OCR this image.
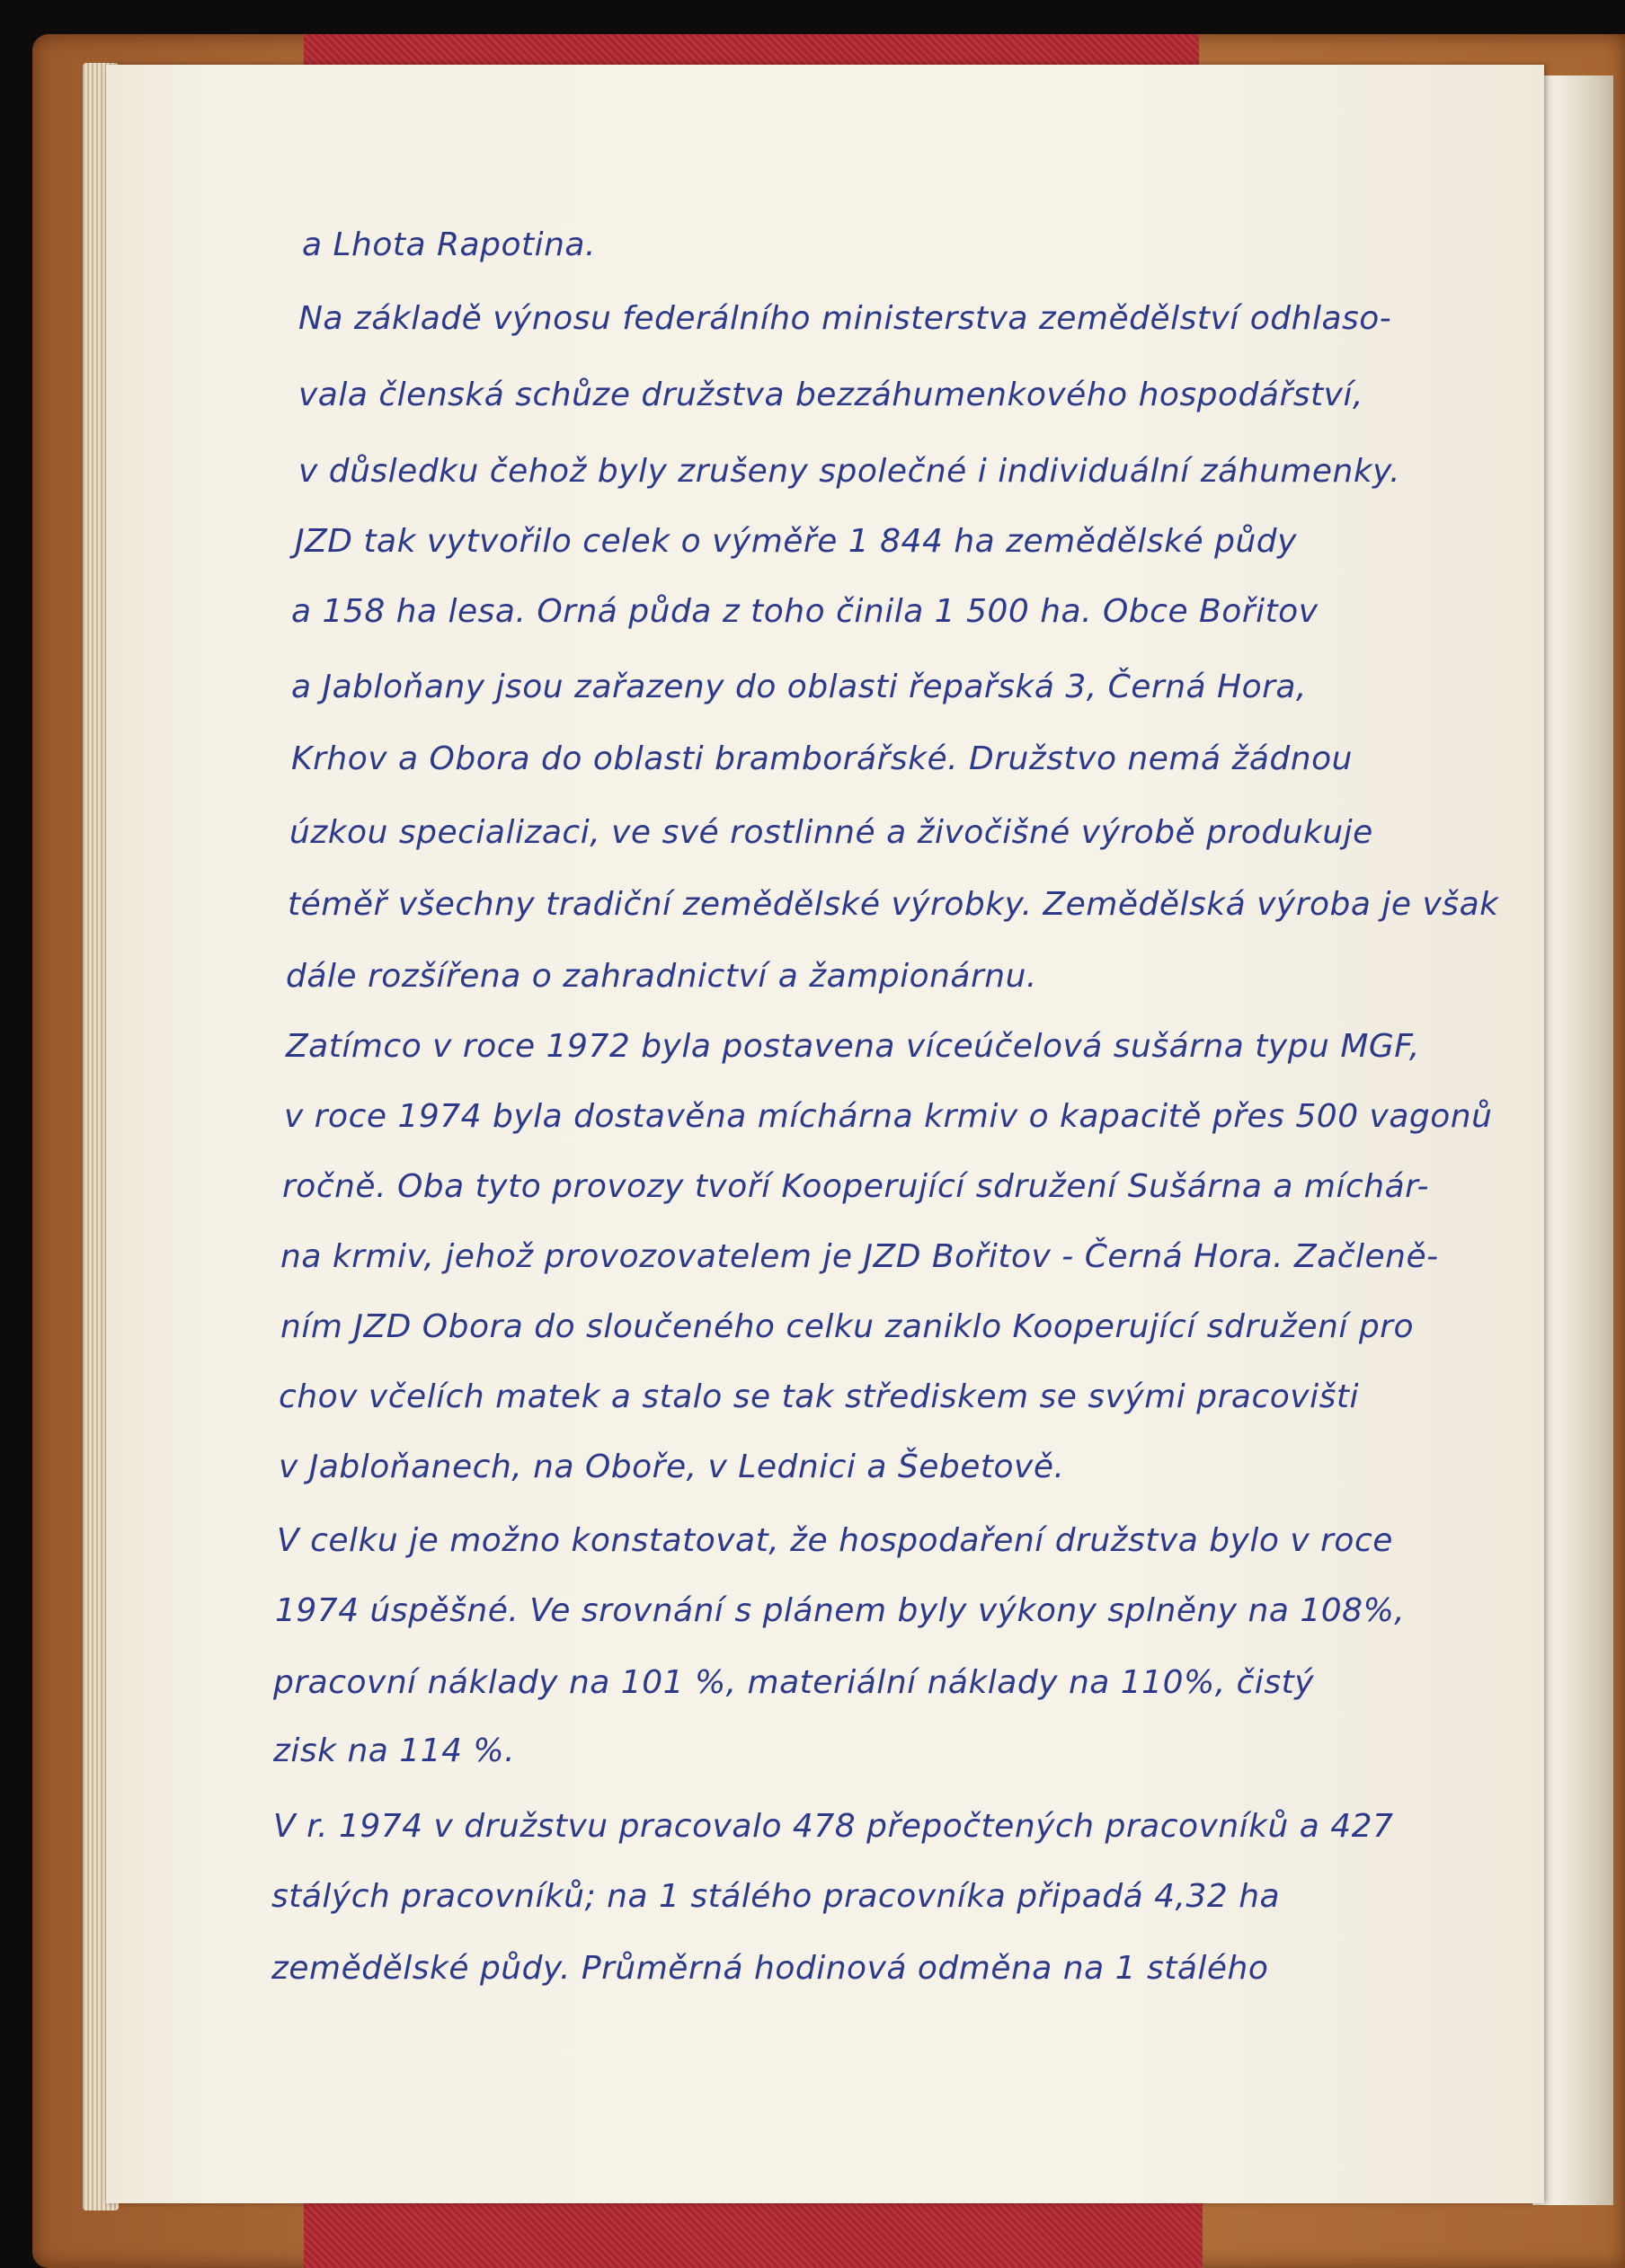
a Lhota Rapotina.

Na základě výnosu federálního ministerstva zemědělství odhlaso-

vala členská schůze družstva bezzáhumenkového hospodářství,

v důsledku čehož byly zrušeny společné i individuální záhumenky.

JZD tak vytvořilo celek o výměře 1 844 ha zemědělské půdy

a 158 ha lesa. Orná půda z toho činila 1 500 ha. Obce Bořitov

a Jabloňany jsou zařazeny do oblasti řepařská 3, Černá Hora,

Krhov a Obora do oblasti bramborářské. Družstvo nemá žádnou

úzkou specializaci, ve své rostlinné a živočišné výrobě produkuje

téměř všechny tradiční zemědělské výrobky. Zemědělská výroba je však

dále rozšířena o zahradnictví a žampionárnu.

Zatímco v roce 1972 byla postavena víceúčelová sušárna typu MGF,

v roce 1974 byla dostavěna míchárna krmiv o kapacitě přes 500 vagonů

ročně. Oba tyto provozy tvoří Kooperující sdružení Sušárna a míchár-

na krmiv, jehož provozovatelem je JZD Bořitov - Černá Hora. Začleně-

ním JZD Obora do sloučeného celku zaniklo Kooperující sdružení pro

chov včelích matek a stalo se tak střediskem se svými pracovišti

v Jabloňanech, na Oboře, v Lednici a Šebetově.

V celku je možno konstatovat, že hospodaření družstva bylo v roce

1974 úspěšné. Ve srovnání s plánem byly výkony splněny na 108%,

pracovní náklady na 101 %, materiální náklady na 110%, čistý

zisk na 114 %.

V r. 1974 v družstvu pracovalo 478 přepočtených pracovníků a 427

stálých pracovníků; na 1 stálého pracovníka připadá 4,32 ha

zemědělské půdy. Průměrná hodinová odměna na 1 stálého
